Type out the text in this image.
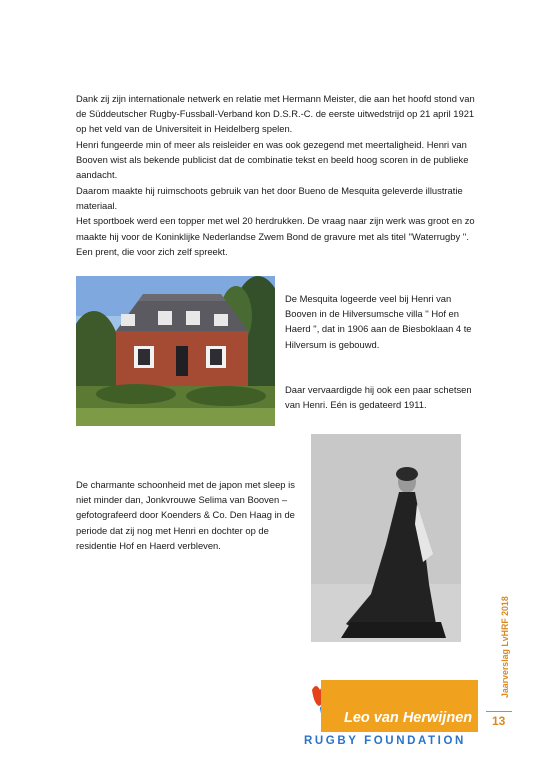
Dank zij zijn internationale netwerk en relatie met Hermann Meister, die aan het hoofd stond van de Süddeutscher Rugby-Fussball-Verband kon D.S.R.-C. de eerste uitwedstrijd op 21 april 1921 op het veld van de Universiteit in Heidelberg spelen.

Henri fungeerde min of meer als reisleider en was ook gezegend met meertaligheid. Henri van Booven wist als bekende publicist dat de combinatie tekst en beeld hoog scoren in de publieke aandacht.

Daarom maakte hij ruimschoots gebruik van het door Bueno de Mesquita geleverde illustratie materiaal.

Het sportboek werd een topper met wel 20 herdrukken. De vraag naar zijn werk was groot en zo maakte hij voor de Koninklijke Nederlandse Zwem Bond de gravure met als titel ''Waterrugby ''. Een prent, die voor zich zelf spreekt.

De Mesquita logeerde veel bij Henri van Booven in de Hilversumsche villa '' Hof en Haerd '', dat in 1906 aan de Biesboklaan 4 te Hilversum is gebouwd.

Daar vervaardigde hij ook een paar schetsen van Henri. Eén is gedateerd 1911.

De charmante schoonheid met de japon met sleep is niet minder dan, Jonkvrouwe Selima van Booven – gefotografeerd door Koenders & Co. Den Haag in de periode dat zij nog met Henri en dochter op de residentie Hof en Haerd verbleven.

Jaarverslag LvHRF 2018
13
Leo van Herwijnen
RUGBY FOUNDATION
